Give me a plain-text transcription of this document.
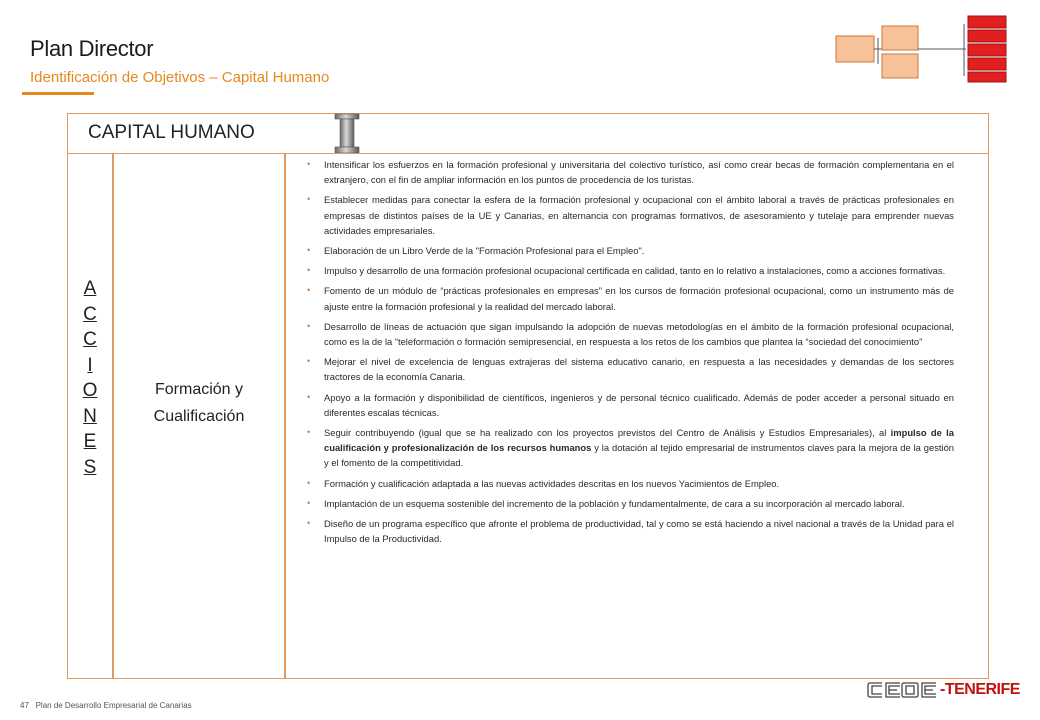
Plan Director
Identificación de Objetivos – Capital Humano
CAPITAL HUMANO
A
C
C
I
O
N
E
S
Formación y
Cualificación
• Intensificar los esfuerzos en la formación profesional y universitaria del colectivo turístico, así como crear becas de formación complementaria en el extranjero, con el fin de ampliar información en los puntos de procedencia de los turistas.
• Establecer medidas para conectar la esfera de la formación profesional y ocupacional con el ámbito laboral a través de prácticas profesionales en empresas de distintos países de la UE y Canarias, en alternancia con programas formativos, de asesoramiento y tutelaje para emprender nuevas actividades empresariales.
• Elaboración de un Libro Verde de la "Formación Profesional para el Empleo".
• Impulso y desarrollo de una formación profesional ocupacional certificada en calidad, tanto en lo relativo a instalaciones, como a acciones formativas.
• Fomento de un módulo de “prácticas profesionales en empresas” en los cursos de formación profesional ocupacional, como un instrumento más de ajuste entre la formación profesional y la realidad del mercado laboral.
• Desarrollo de líneas de actuación que sigan impulsando la adopción de nuevas metodologías en el ámbito de la formación profesional ocupacional, como es la de la “teleformación o formación semipresencial, en respuesta a los retos de los cambios que plantea la “sociedad del conocimiento”
• Mejorar el nivel de excelencia de lenguas extrajeras del sistema educativo canario, en respuesta a las necesidades y demandas de los sectores tractores de la economía Canaria.
• Apoyo a la formación y disponibilidad de científicos, ingenieros y de personal técnico cualificado. Además de poder acceder a personal situado en diferentes escalas técnicas.
• Seguir contribuyendo (igual que se ha realizado con los proyectos previstos del Centro de Análisis y Estudios Empresariales), al impulso de la cualificación y profesionalización de los recursos humanos y la dotación al tejido empresarial de instrumentos claves para la mejora de la gestión y el fomento de la competitividad.
• Formación y cualificación adaptada a las nuevas actividades descritas en los nuevos Yacimientos de Empleo.
• Implantación de un esquema sostenible del incremento de la población y fundamentalmente, de cara a su incorporación al mercado laboral.
• Diseño de un programa específico que afronte el problema de productividad, tal y como se está haciendo a nivel nacional a través de la Unidad para el Impulso de la Productividad.
47 Plan de Desarrollo Empresarial de Canarias
-TENERIFE
